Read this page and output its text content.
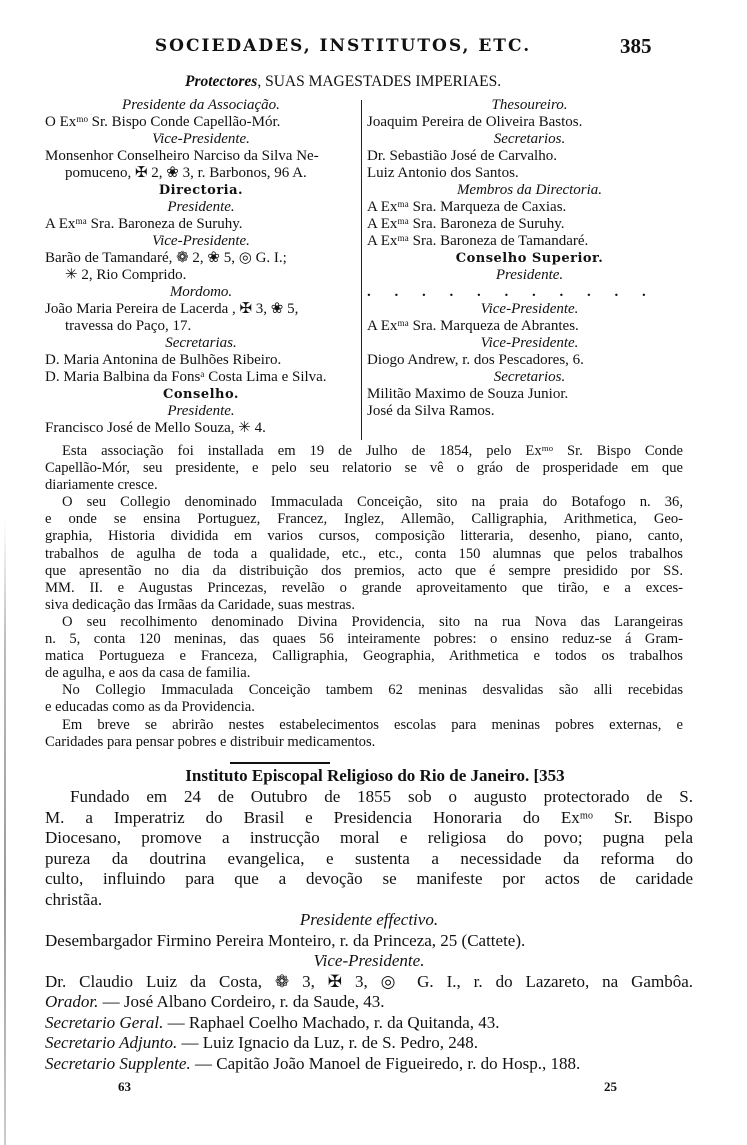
SOCIEDADES, INSTITUTOS, ETC.	385
Protectores, SUAS MAGESTADES IMPERIAES.
Presidente da Associação.
O Exᵐᵒ Sr. Bispo Conde Capellão-Mór.
Vice-Presidente.
Monsenhor Conselheiro Narciso da Silva Ne-
pomuceno, ✠ 2, ❀ 3, r. Barbonos, 96 A.
Directoria.
Presidente.
A Exᵐᵃ Sra. Baroneza de Suruhy.
Vice-Presidente.
Barão de Tamandaré, ❁ 2, ❀ 5, ◎ G. I.;
✳ 2, Rio Comprido.
Mordomo.
João Maria Pereira de Lacerda , ✠ 3, ❀ 5,
travessa do Paço, 17.
Secretarias.
D. Maria Antonina de Bulhões Ribeiro.
D. Maria Balbina da Fonsᵃ Costa Lima e Silva.
Conselho.
Presidente.
Francisco José de Mello Souza, ✳ 4.
Thesoureiro.
Joaquim Pereira de Oliveira Bastos.
Secretarios.
Dr. Sebastião José de Carvalho.
Luiz Antonio dos Santos.
Membros da Directoria.
A Exᵐᵃ Sra. Marqueza de Caxias.
A Exᵐᵃ Sra. Baroneza de Suruhy.
A Exᵐᵃ Sra. Baroneza de Tamandaré.
Conselho Superior.
Presidente.
. . . . . . . . . . .
Vice-Presidente.
A Exᵐᵃ Sra. Marqueza de Abrantes.
Vice-Presidente.
Diogo Andrew, r. dos Pescadores, 6.
Secretarios.
Militão Maximo de Souza Junior.
José da Silva Ramos.
Esta associação foi installada em 19 de Julho de 1854, pelo Exᵐᵒ Sr. Bispo Conde
Capellão-Mór, seu presidente, e pelo seu relatorio se vê o gráo de prosperidade em que
diariamente cresce.
O seu Collegio denominado Immaculada Conceição, sito na praia do Botafogo n. 36,
e onde se ensina Portuguez, Francez, Inglez, Allemão, Calligraphia, Arithmetica, Geo-
graphia, Historia dividida em varios cursos, composição litteraria, desenho, piano, canto,
trabalhos de agulha de toda a qualidade, etc., etc., conta 150 alumnas que pelos trabalhos
que apresentão no dia da distribuição dos premios, acto que é sempre presidido por SS.
MM. II. e Augustas Princezas, revelão o grande aproveitamento que tirão, e a exces-
siva dedicação das Irmãas da Caridade, suas mestras.
O seu recolhimento denominado Divina Providencia, sito na rua Nova das Larangeiras
n. 5, conta 120 meninas, das quaes 56 inteiramente pobres: o ensino reduz-se á Gram-
matica Portugueza e Franceza, Calligraphia, Geographia, Arithmetica e todos os trabalhos
de agulha, e aos da casa de familia.
No Collegio Immaculada Conceição tambem 62 meninas desvalidas são alli recebidas
e educadas como as da Providencia.
Em breve se abrirão nestes estabelecimentos escolas para meninas pobres externas, e
Caridades para pensar pobres e distribuir medicamentos.
Instituto Episcopal Religioso do Rio de Janeiro. [353
Fundado em 24 de Outubro de 1855 sob o augusto protectorado de S.
M. a Imperatriz do Brasil e Presidencia Honoraria do Exᵐᵒ Sr. Bispo
Diocesano, promove a instrucção moral e religiosa do povo; pugna pela
pureza da doutrina evangelica, e sustenta a necessidade da reforma do
culto, influindo para que a devoção se manifeste por actos de caridade
christãa.
Presidente effectivo.
Desembargador Firmino Pereira Monteiro, r. da Princeza, 25 (Cattete).
Vice-Presidente.
Dr. Claudio Luiz da Costa, ❁ 3, ✠ 3, ◎ G. I., r. do Lazareto, na Gambôa.
Orador. — José Albano Cordeiro, r. da Saude, 43.
Secretario Geral. — Raphael Coelho Machado, r. da Quitanda, 43.
Secretario Adjunto. — Luiz Ignacio da Luz, r. de S. Pedro, 248.
Secretario Supplente. — Capitão João Manoel de Figueiredo, r. do Hosp., 188.
63	25
